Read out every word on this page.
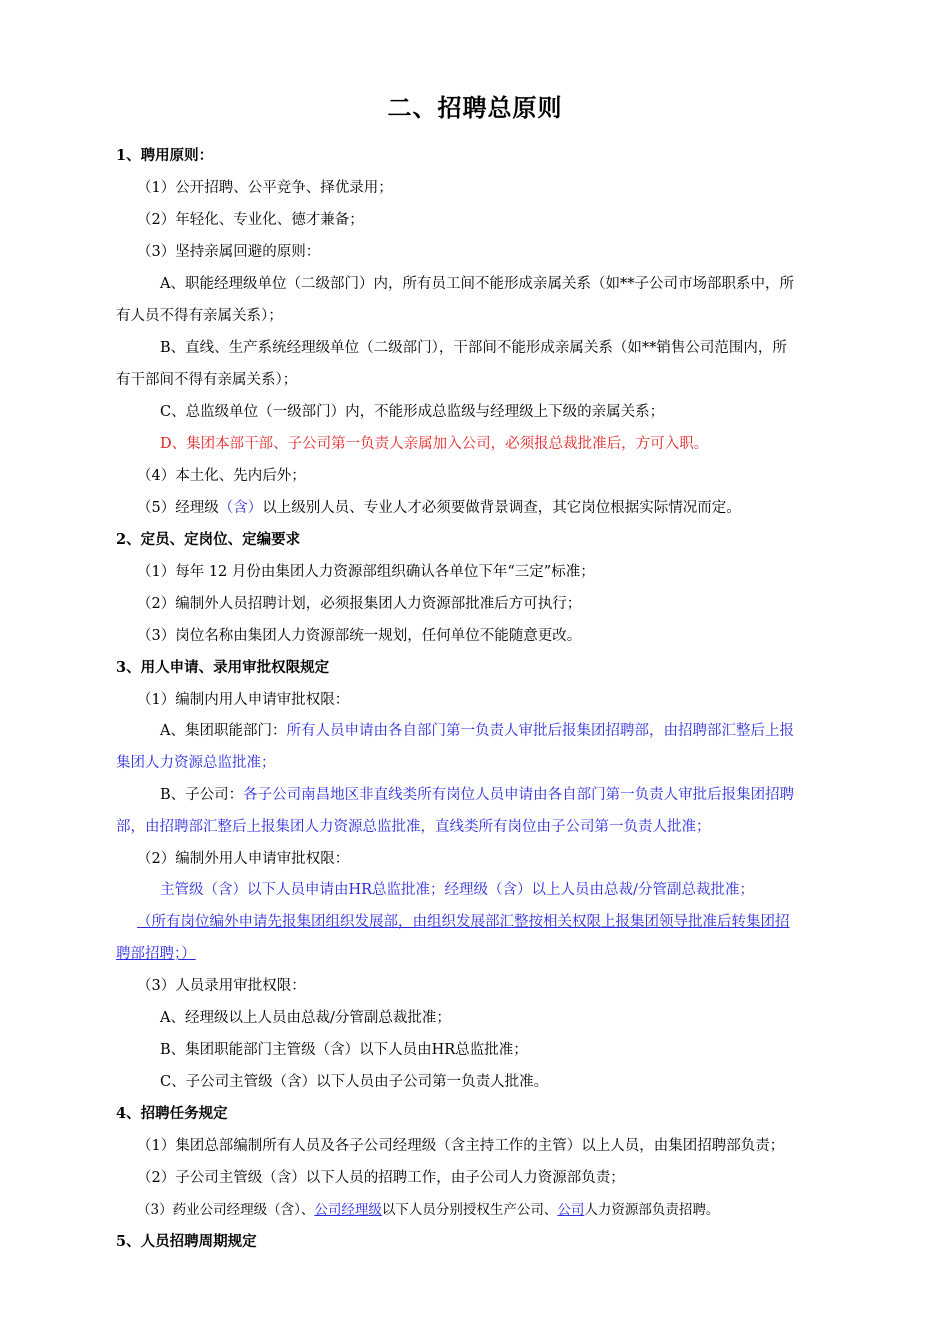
二、招聘总原则
1、聘用原则：
（1）公开招聘、公平竞争、择优录用；
（2）年轻化、专业化、德才兼备；
（3）坚持亲属回避的原则：
A、职能经理级单位（二级部门）内，所有员工间不能形成亲属关系（如**子公司市场部职系中，所
有人员不得有亲属关系）；
B、直线、生产系统经理级单位（二级部门），干部间不能形成亲属关系（如**销售公司范围内，所
有干部间不得有亲属关系）；
C、总监级单位（一级部门）内，不能形成总监级与经理级上下级的亲属关系；
D、集团本部干部、子公司第一负责人亲属加入公司，必须报总裁批准后，方可入职。
（4）本土化、先内后外；
（5）经理级（含）以上级别人员、专业人才必须要做背景调查，其它岗位根据实际情况而定。
2、定员、定岗位、定编要求
（1）每年 12 月份由集团人力资源部组织确认各单位下年“三定”标准；
（2）编制外人员招聘计划，必须报集团人力资源部批准后方可执行；
（3）岗位名称由集团人力资源部统一规划，任何单位不能随意更改。
3、用人申请、录用审批权限规定
（1）编制内用人申请审批权限：
A、集团职能部门：所有人员申请由各自部门第一负责人审批后报集团招聘部，由招聘部汇整后上报
集团人力资源总监批准；
B、子公司：各子公司南昌地区非直线类所有岗位人员申请由各自部门第一负责人审批后报集团招聘
部，由招聘部汇整后上报集团人力资源总监批准，直线类所有岗位由子公司第一负责人批准；
（2）编制外用人申请审批权限：
主管级（含）以下人员申请由HR总监批准；经理级（含）以上人员由总裁/分管副总裁批准；
（所有岗位编外申请先报集团组织发展部，由组织发展部汇整按相关权限上报集团领导批准后转集团招
聘部招聘；）
（3）人员录用审批权限：
A、经理级以上人员由总裁/分管副总裁批准；
B、集团职能部门主管级（含）以下人员由HR总监批准；
C、子公司主管级（含）以下人员由子公司第一负责人批准。
4、招聘任务规定
（1）集团总部编制所有人员及各子公司经理级（含主持工作的主管）以上人员，由集团招聘部负责；
（2）子公司主管级（含）以下人员的招聘工作，由子公司人力资源部负责；
（3）药业公司经理级（含）、公司经理级以下人员分别授权生产公司、公司人力资源部负责招聘。
5、人员招聘周期规定
